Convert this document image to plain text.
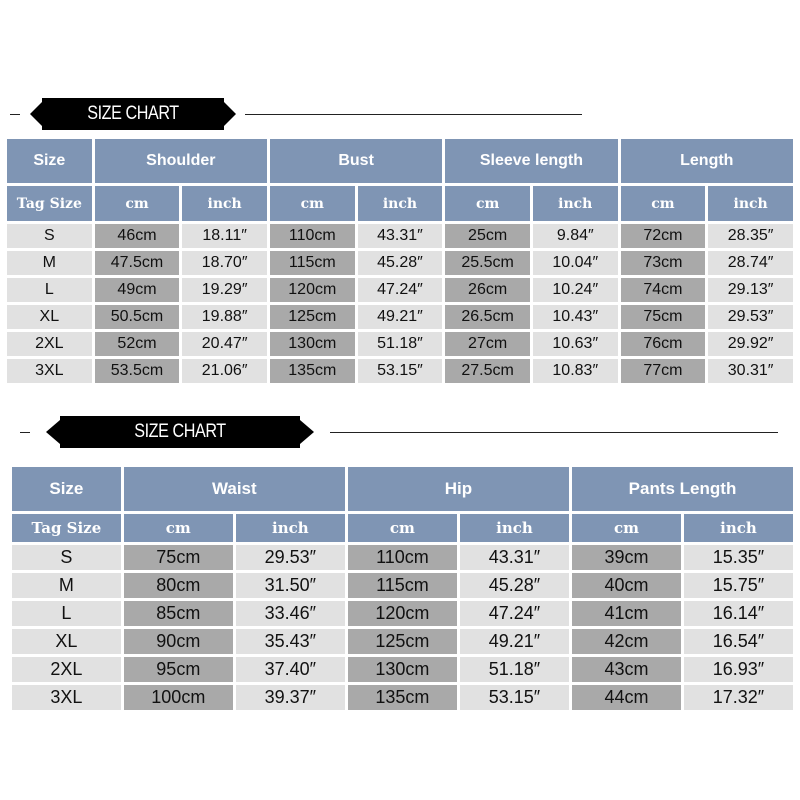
SIZE CHART
Size	Shoulder		Bust		Sleeve length		Length	
Tag Size	cm	inch	cm	inch	cm	inch	cm	inch
S	46cm	18.11″	110cm	43.31″	25cm	9.84″	72cm	28.35″
M	47.5cm	18.70″	115cm	45.28″	25.5cm	10.04″	73cm	28.74″
L	49cm	19.29″	120cm	47.24″	26cm	10.24″	74cm	29.13″
XL	50.5cm	19.88″	125cm	49.21″	26.5cm	10.43″	75cm	29.53″
2XL	52cm	20.47″	130cm	51.18″	27cm	10.63″	76cm	29.92″
3XL	53.5cm	21.06″	135cm	53.15″	27.5cm	10.83″	77cm	30.31″
SIZE CHART
Size	Waist		Hip		Pants Length	
Tag Size	cm	inch	cm	inch	cm	inch
S	75cm	29.53″	110cm	43.31″	39cm	15.35″
M	80cm	31.50″	115cm	45.28″	40cm	15.75″
L	85cm	33.46″	120cm	47.24″	41cm	16.14″
XL	90cm	35.43″	125cm	49.21″	42cm	16.54″
2XL	95cm	37.40″	130cm	51.18″	43cm	16.93″
3XL	100cm	39.37″	135cm	53.15″	44cm	17.32″
